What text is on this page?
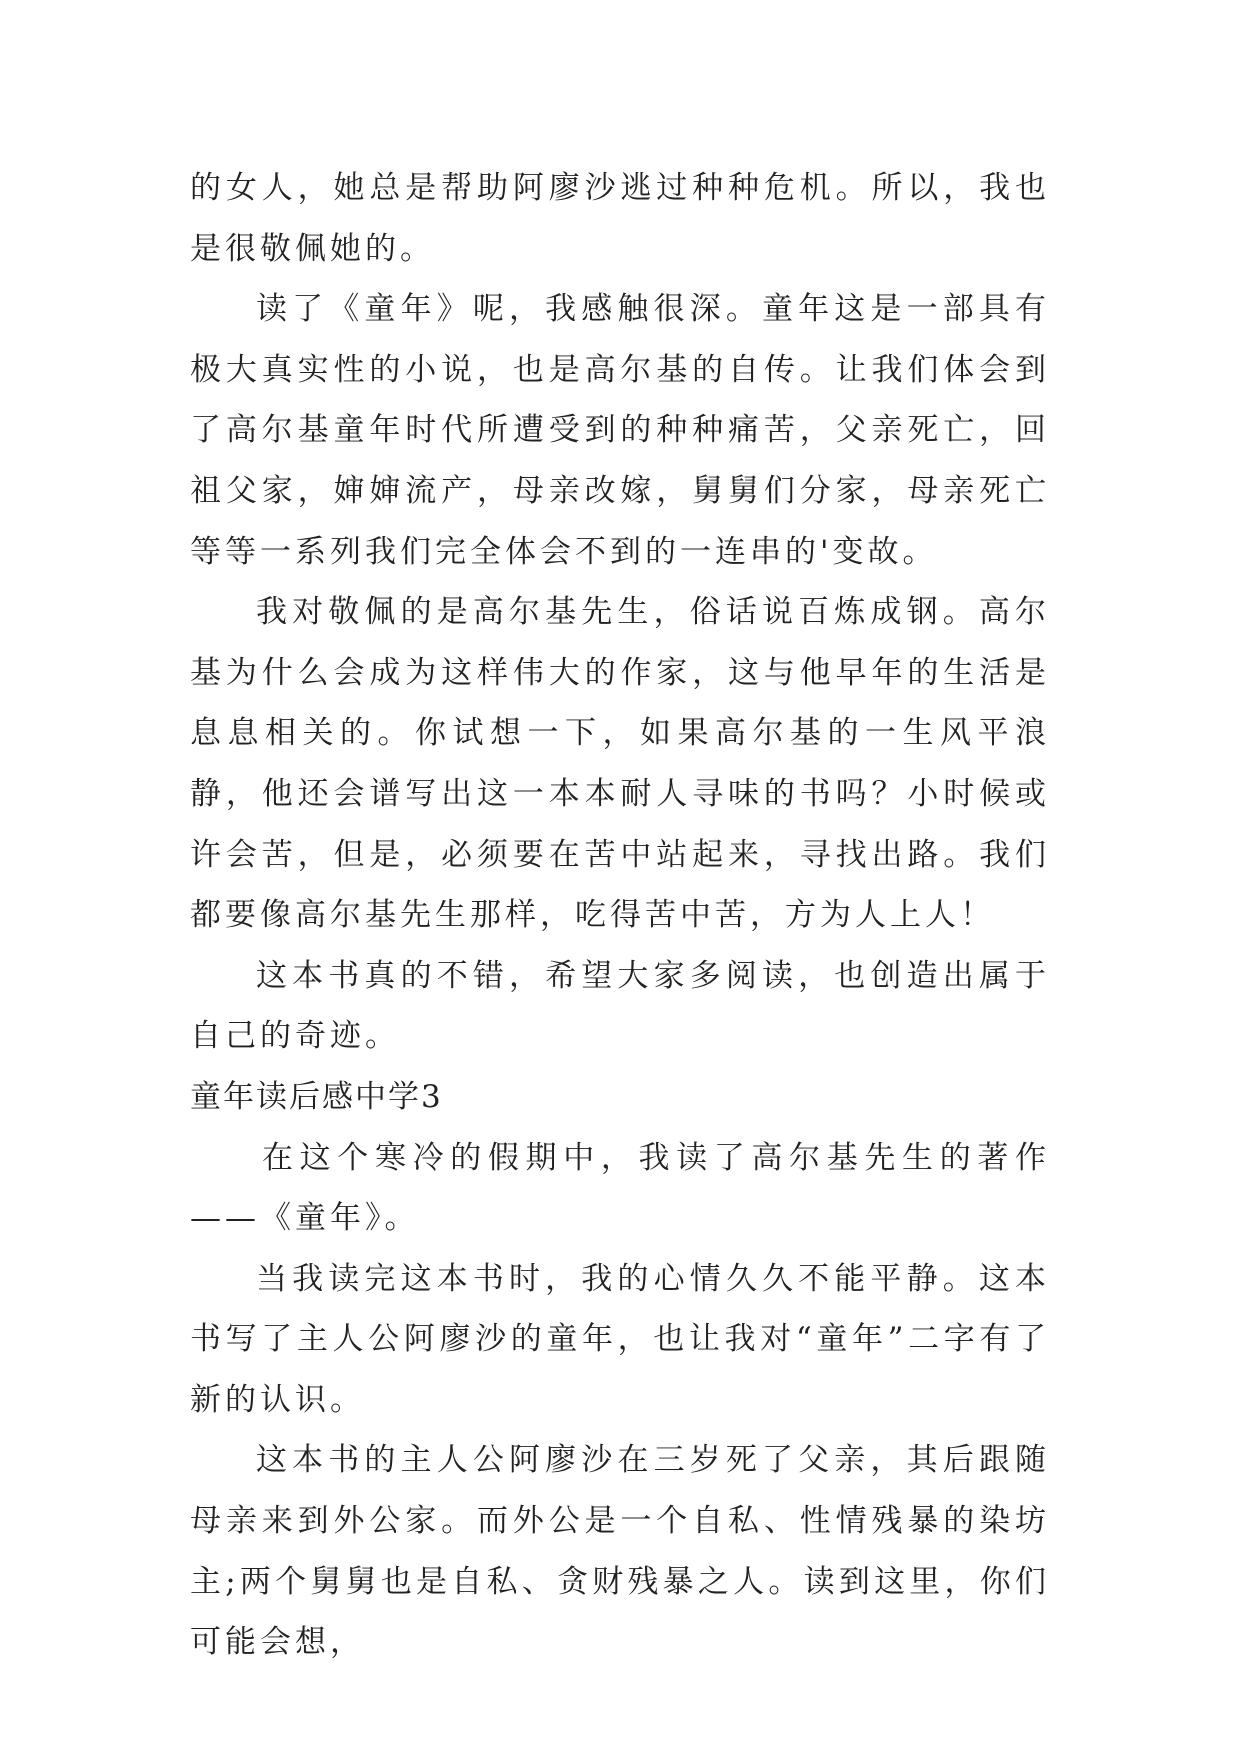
的女人，她总是帮助阿廖沙逃过种种危机。所以，我也是很敬佩她的。

读了《童年》呢，我感触很深。童年这是一部具有极大真实性的小说，也是高尔基的自传。让我们体会到了高尔基童年时代所遭受到的种种痛苦，父亲死亡，回祖父家，婶婶流产，母亲改嫁，舅舅们分家，母亲死亡等等一系列我们完全体会不到的一连串的'变故。

我对敬佩的是高尔基先生，俗话说百炼成钢。高尔基为什么会成为这样伟大的作家，这与他早年的生活是息息相关的。你试想一下，如果高尔基的一生风平浪静，他还会谱写出这一本本耐人寻味的书吗？小时候或许会苦，但是，必须要在苦中站起来，寻找出路。我们都要像高尔基先生那样，吃得苦中苦，方为人上人！

这本书真的不错，希望大家多阅读，也创造出属于自己的奇迹。

童年读后感中学3

在这个寒冷的假期中，我读了高尔基先生的著作——《童年》。

当我读完这本书时，我的心情久久不能平静。这本书写了主人公阿廖沙的童年，也让我对“童年”二字有了新的认识。

这本书的主人公阿廖沙在三岁死了父亲，其后跟随母亲来到外公家。而外公是一个自私、性情残暴的染坊主;两个舅舅也是自私、贪财残暴之人。读到这里，你们可能会想，
